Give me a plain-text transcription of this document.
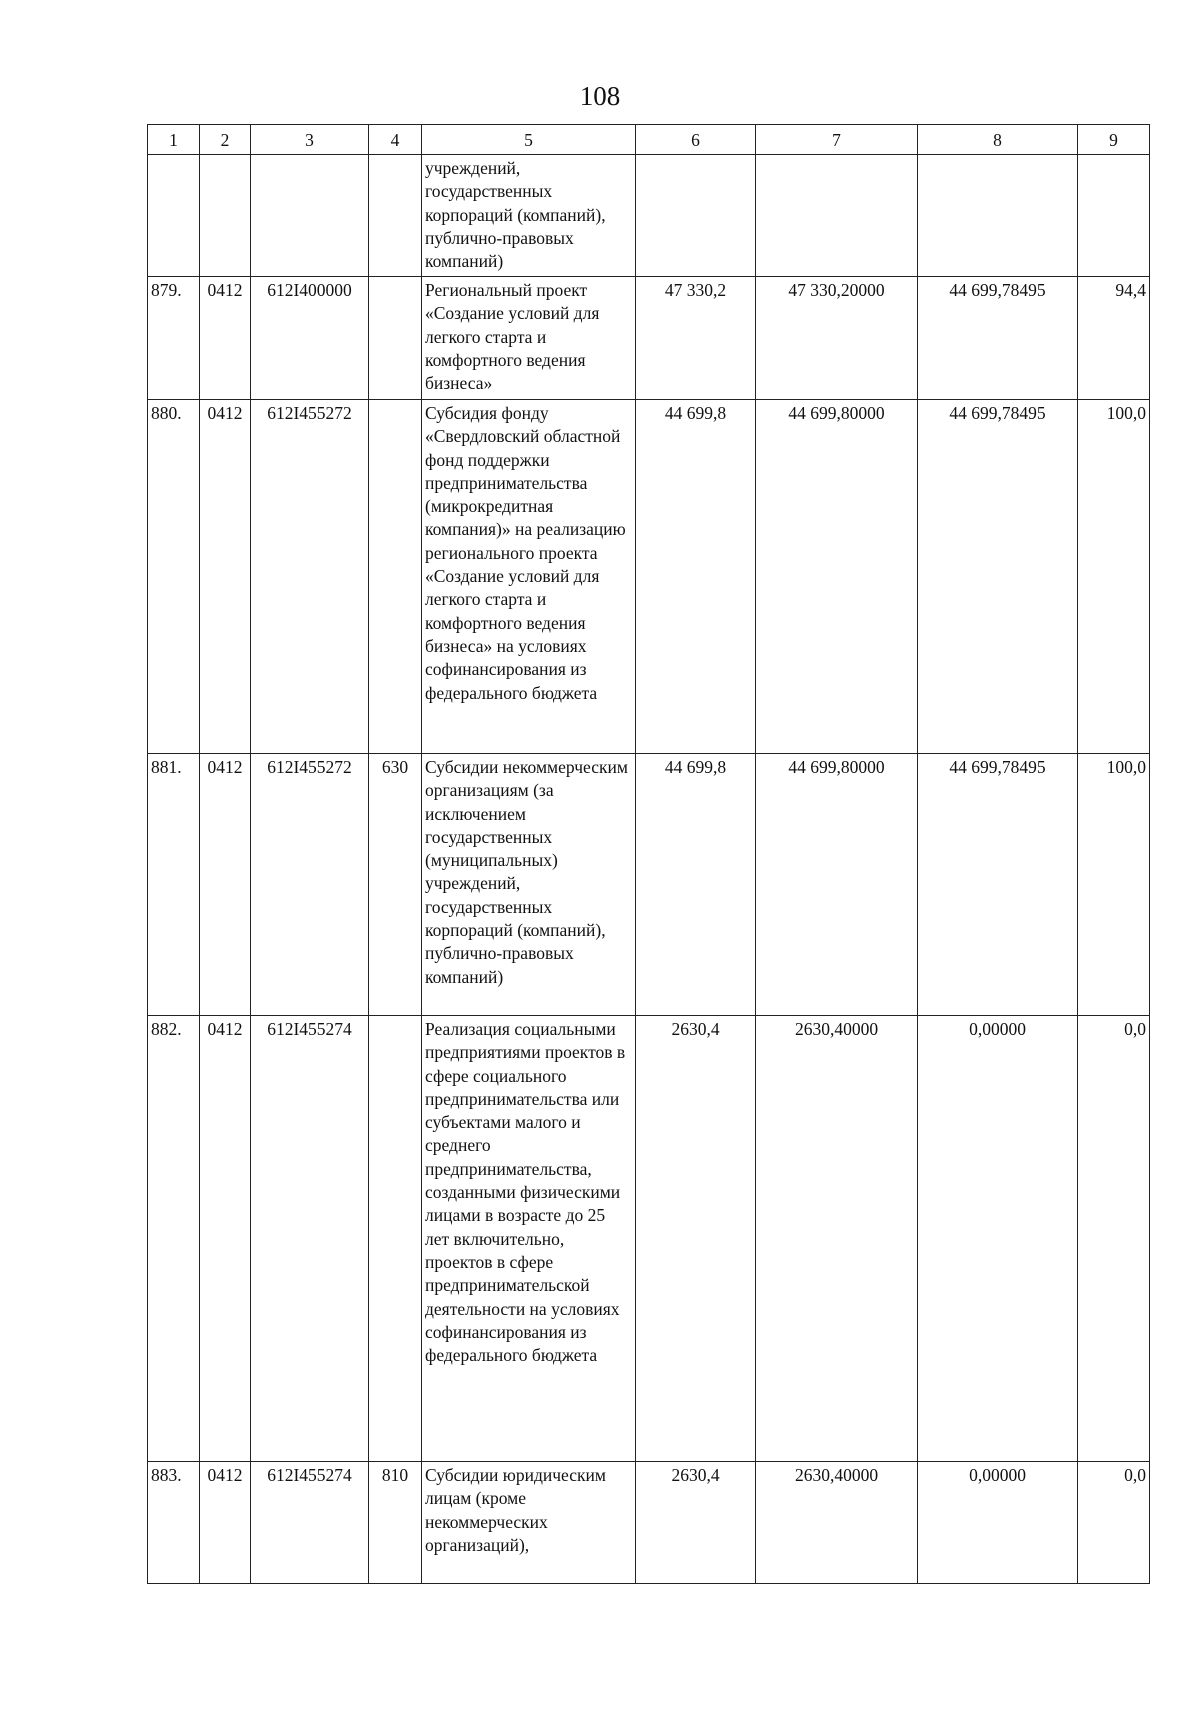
108
1	2	3	4	5	6	7	8	9
				учреждений, государственных корпораций (компаний), публично-правовых компаний)				
879.	0412	612I400000		Региональный проект «Создание условий для легкого старта и комфортного ведения бизнеса»	47 330,2	47 330,20000	44 699,78495	94,4
880.	0412	612I455272		Субсидия фонду «Свердловский областной фонд поддержки предпринимательства (микрокредитная компания)» на реализацию регионального проекта «Создание условий для легкого старта и комфортного ведения бизнеса» на условиях софинансирования из федерального бюджета	44 699,8	44 699,80000	44 699,78495	100,0
881.	0412	612I455272	630	Субсидии некоммерческим организациям (за исключением государственных (муниципальных) учреждений, государственных корпораций (компаний), публично-правовых компаний)	44 699,8	44 699,80000	44 699,78495	100,0
882.	0412	612I455274		Реализация социальными предприятиями проектов в сфере социального предпринимательства или субъектами малого и среднего предпринимательства, созданными физическими лицами в возрасте до 25 лет включительно, проектов в сфере предпринимательской деятельности на условиях софинансирования из федерального бюджета	2630,4	2630,40000	0,00000	0,0
883.	0412	612I455274	810	Субсидии юридическим лицам (кроме некоммерческих организаций),	2630,4	2630,40000	0,00000	0,0
